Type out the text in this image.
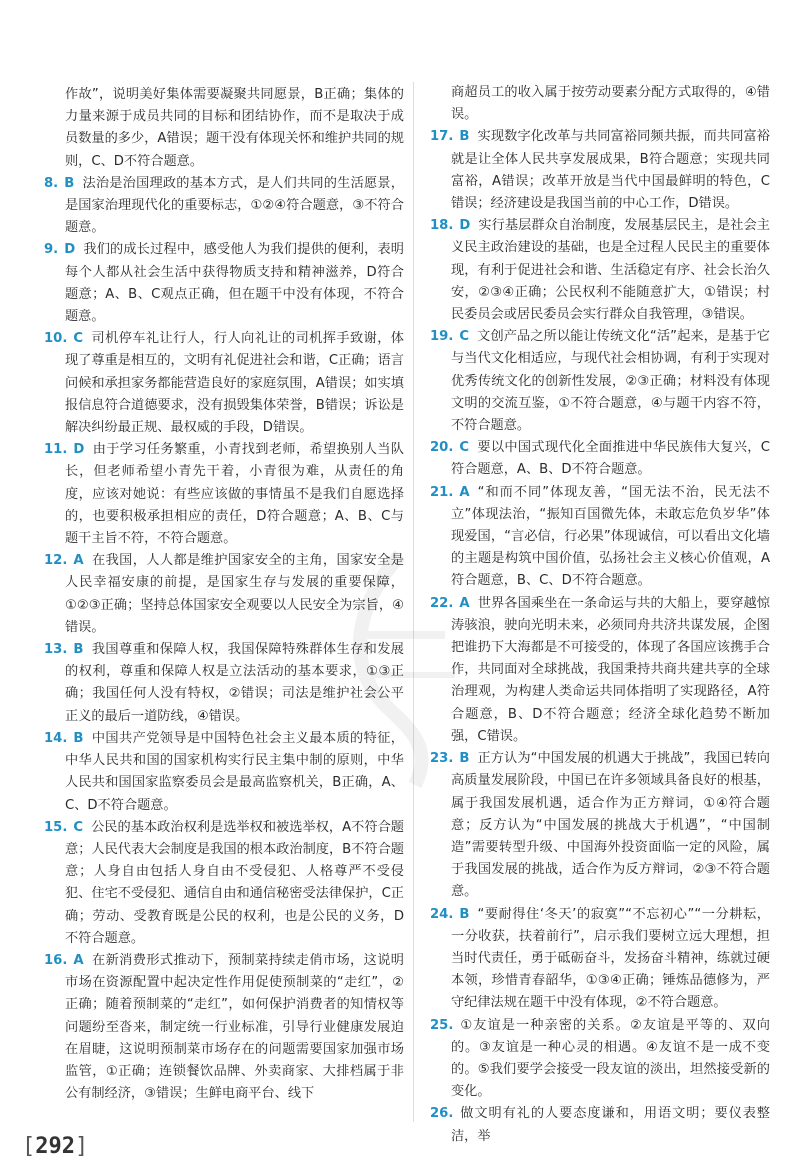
作故”，说明美好集体需要凝聚共同愿景，B正确；集体的力量来源于成员共同的目标和团结协作，而不是取决于成员数量的多少，A错误；题干没有体现关怀和维护共同的规则，C、D不符合题意。
8. B 法治是治国理政的基本方式，是人们共同的生活愿景，是国家治理现代化的重要标志，①②④符合题意，③不符合题意。
9. D 我们的成长过程中，感受他人为我们提供的便利，表明每个人都从社会生活中获得物质支持和精神滋养，D符合题意；A、B、C观点正确，但在题干中没有体现，不符合题意。
10. C 司机停车礼让行人，行人向礼让的司机挥手致谢，体现了尊重是相互的，文明有礼促进社会和谐，C正确；语言问候和承担家务都能营造良好的家庭氛围，A错误；如实填报信息符合道德要求，没有损毁集体荣誉，B错误；诉讼是解决纠纷最正规、最权威的手段，D错误。
11. D 由于学习任务繁重，小青找到老师，希望换别人当队长，但老师希望小青先干着，小青很为难，从责任的角度，应该对她说：有些应该做的事情虽不是我们自愿选择的，也要积极承担相应的责任，D符合题意；A、B、C与题干主旨不符，不符合题意。
12. A 在我国，人人都是维护国家安全的主角，国家安全是人民幸福安康的前提，是国家生存与发展的重要保障，①②③正确；坚持总体国家安全观要以人民安全为宗旨，④错误。
13. B 我国尊重和保障人权，我国保障特殊群体生存和发展的权利，尊重和保障人权是立法活动的基本要求，①③正确；我国任何人没有特权，②错误；司法是维护社会公平正义的最后一道防线，④错误。
14. B 中国共产党领导是中国特色社会主义最本质的特征，中华人民共和国的国家机构实行民主集中制的原则，中华人民共和国国家监察委员会是最高监察机关，B正确，A、C、D不符合题意。
15. C 公民的基本政治权利是选举权和被选举权，A不符合题意；人民代表大会制度是我国的根本政治制度，B不符合题意；人身自由包括人身自由不受侵犯、人格尊严不受侵犯、住宅不受侵犯、通信自由和通信秘密受法律保护，C正确；劳动、受教育既是公民的权利，也是公民的义务，D不符合题意。
16. A 在新消费形式推动下，预制菜持续走俏市场，这说明市场在资源配置中起决定性作用促使预制菜的“走红”，②正确；随着预制菜的“走红”，如何保护消费者的知情权等问题纷至沓来，制定统一行业标准，引导行业健康发展迫在眉睫，这说明预制菜市场存在的问题需要国家加强市场监管，①正确；连锁餐饮品牌、外卖商家、大排档属于非公有制经济，③错误；生鲜电商平台、线下
商超员工的收入属于按劳动要素分配方式取得的，④错误。
17. B 实现数字化改革与共同富裕同频共振，而共同富裕就是让全体人民共享发展成果，B符合题意；实现共同富裕，A错误；改革开放是当代中国最鲜明的特色，C错误；经济建设是我国当前的中心工作，D错误。
18. D 实行基层群众自治制度，发展基层民主，是社会主义民主政治建设的基础，也是全过程人民民主的重要体现，有利于促进社会和谐、生活稳定有序、社会长治久安，②③④正确；公民权利不能随意扩大，①错误；村民委员会或居民委员会实行群众自我管理，③错误。
19. C 文创产品之所以能让传统文化“活”起来，是基于它与当代文化相适应，与现代社会相协调，有利于实现对优秀传统文化的创新性发展，②③正确；材料没有体现文明的交流互鉴，①不符合题意，④与题干内容不符，不符合题意。
20. C 要以中国式现代化全面推进中华民族伟大复兴，C符合题意，A、B、D不符合题意。
21. A “和而不同”体现友善，“国无法不治，民无法不立”体现法治，“振知百国微先体，未敢忘危负岁华”体现爱国，“言必信，行必果”体现诚信，可以看出文化墙的主题是构筑中国价值，弘扬社会主义核心价值观，A符合题意，B、C、D不符合题意。
22. A 世界各国乘坐在一条命运与共的大船上，要穿越惊涛骇浪，驶向光明未来，必须同舟共济共谋发展，企图把谁扔下大海都是不可接受的，体现了各国应该携手合作，共同面对全球挑战，我国秉持共商共建共享的全球治理观，为构建人类命运共同体指明了实现路径，A符合题意，B、D不符合题意；经济全球化趋势不断加强，C错误。
23. B 正方认为“中国发展的机遇大于挑战”，我国已转向高质量发展阶段，中国已在许多领域具备良好的根基，属于我国发展机遇，适合作为正方辩词，①④符合题意；反方认为“中国发展的挑战大于机遇”，“中国制造”需要转型升级、中国海外投资面临一定的风险，属于我国发展的挑战，适合作为反方辩词，②③不符合题意。
24. B “要耐得住‘冬天’的寂寞”“不忘初心”“一分耕耘，一分收获，扶着前行”，启示我们要树立远大理想，担当时代责任，勇于砥砺奋斗，发扬奋斗精神，练就过硬本领，珍惜青春韶华，①③④正确；锤炼品德修为，严守纪律法规在题干中没有体现，②不符合题意。
25. ①友谊是一种亲密的关系。②友谊是平等的、双向的。③友谊是一种心灵的相遇。④友谊不是一成不变的。⑤我们要学会接受一段友谊的淡出，坦然接受新的变化。
26. 做文明有礼的人要态度谦和，用语文明；要仪表整洁，举
[292]
